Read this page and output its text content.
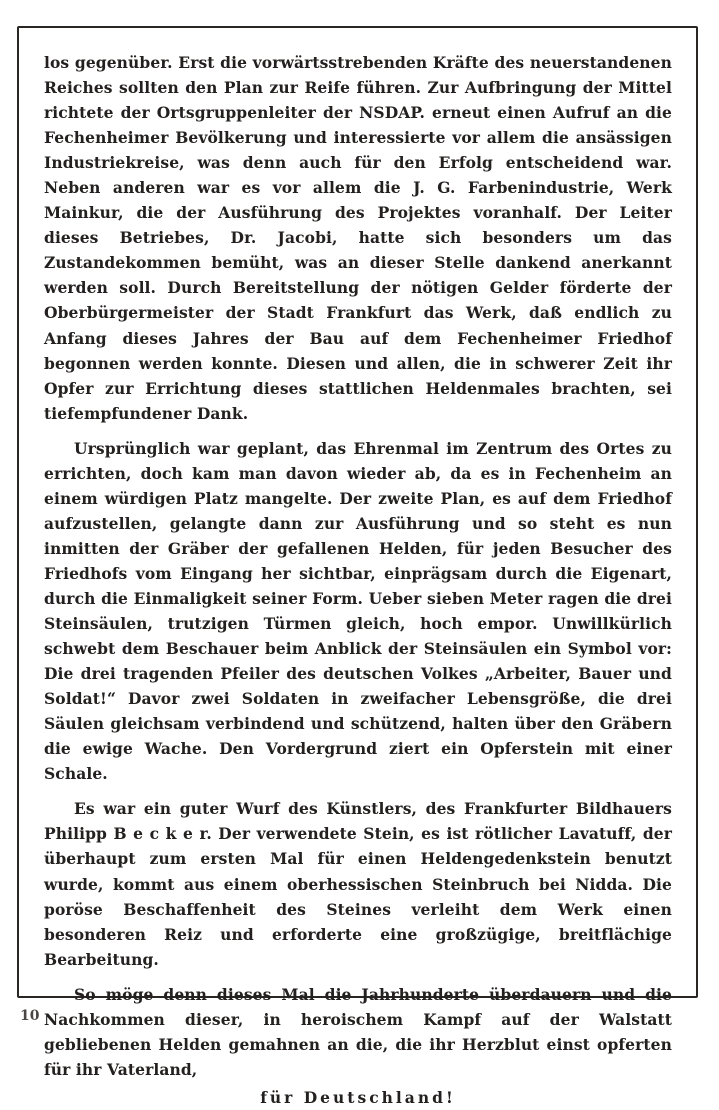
los gegenüber. Erst die vorwärtsstrebenden Kräfte des neuerstandenen Reiches sollten den Plan zur Reife führen. Zur Aufbringung der Mittel richtete der Ortsgruppenleiter der NSDAP. erneut einen Aufruf an die Fechenheimer Bevölkerung und interessierte vor allem die ansässigen Industriekreise, was denn auch für den Erfolg entscheidend war. Neben anderen war es vor allem die J. G. Farbenindustrie, Werk Mainkur, die der Ausführung des Projektes voranhalf. Der Leiter dieses Betriebes, Dr. Jacobi, hatte sich besonders um das Zustandekommen bemüht, was an dieser Stelle dankend anerkannt werden soll. Durch Bereitstellung der nötigen Gelder förderte der Oberbürgermeister der Stadt Frankfurt das Werk, daß endlich zu Anfang dieses Jahres der Bau auf dem Fechenheimer Friedhof begonnen werden konnte. Diesen und allen, die in schwerer Zeit ihr Opfer zur Errichtung dieses stattlichen Heldenmales brachten, sei tiefempfundener Dank.

Ursprünglich war geplant, das Ehrenmal im Zentrum des Ortes zu errichten, doch kam man davon wieder ab, da es in Fechenheim an einem würdigen Platz mangelte. Der zweite Plan, es auf dem Friedhof aufzustellen, gelangte dann zur Ausführung und so steht es nun inmitten der Gräber der gefallenen Helden, für jeden Besucher des Friedhofs vom Eingang her sichtbar, einprägsam durch die Eigenart, durch die Einmaligkeit seiner Form. Ueber sieben Meter ragen die drei Steinsäulen, trutzigen Türmen gleich, hoch empor. Unwillkürlich schwebt dem Beschauer beim Anblick der Steinsäulen ein Symbol vor: Die drei tragenden Pfeiler des deutschen Volkes „Arbeiter, Bauer und Soldat!“ Davor zwei Soldaten in zweifacher Lebensgröße, die drei Säulen gleichsam verbindend und schützend, halten über den Gräbern die ewige Wache. Den Vordergrund ziert ein Opferstein mit einer Schale.

Es war ein guter Wurf des Künstlers, des Frankfurter Bildhauers Philipp B e c k e r. Der verwendete Stein, es ist rötlicher Lavatuff, der überhaupt zum ersten Mal für einen Heldengedenkstein benutzt wurde, kommt aus einem oberhessischen Steinbruch bei Nidda. Die poröse Beschaffenheit des Steines verleiht dem Werk einen besonderen Reiz und erforderte eine großzügige, breitflächige Bearbeitung.

So möge denn dieses Mal die Jahrhunderte überdauern und die Nachkommen dieser, in heroischem Kampf auf der Walstatt gebliebenen Helden gemahnen an die, die ihr Herzblut einst opferten für ihr Vaterland,

für Deutschland!

10
